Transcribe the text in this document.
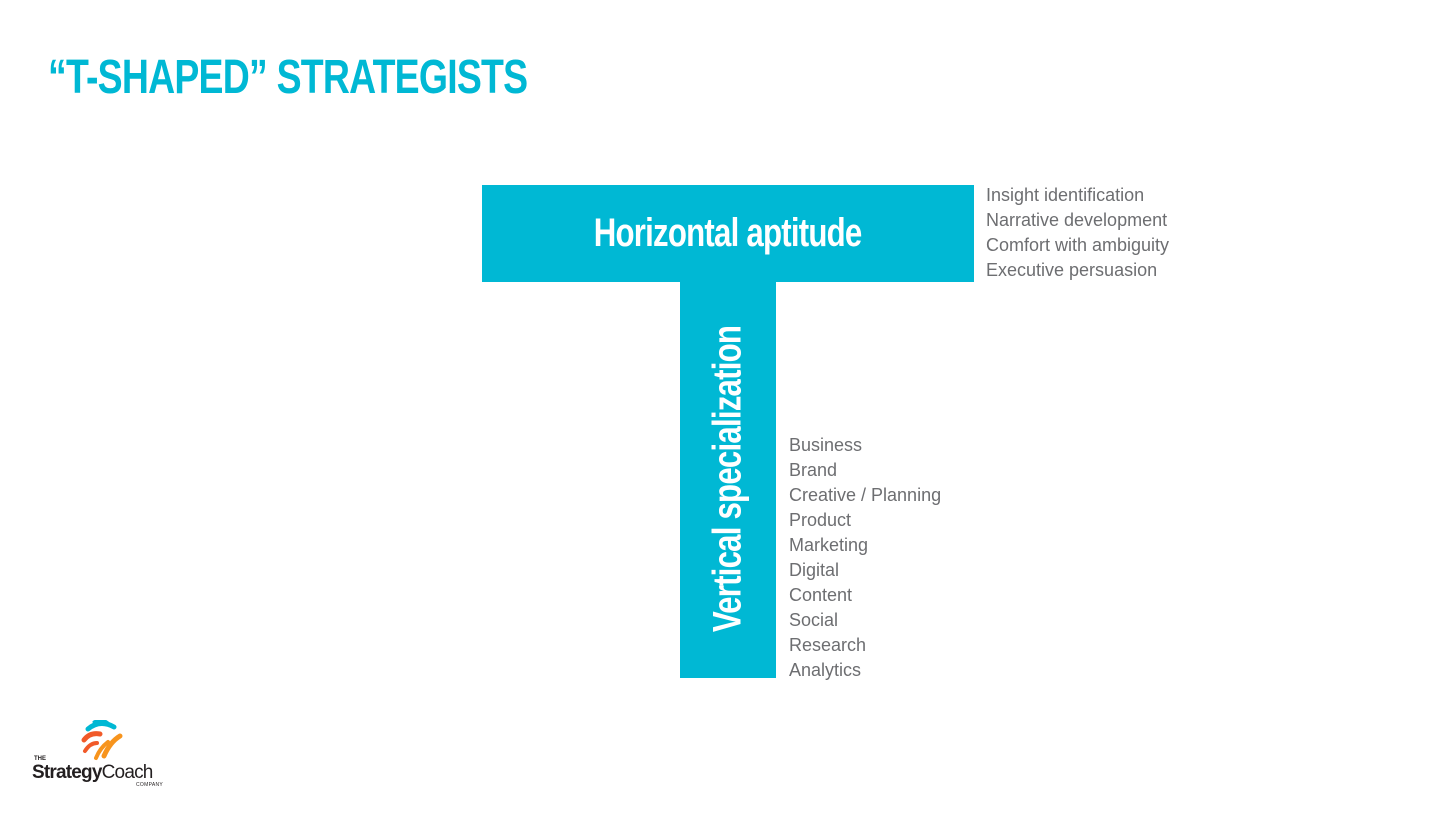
“T-SHAPED” STRATEGISTS
Horizontal aptitude
Vertical specialization
Insight identification
Narrative development
Comfort with ambiguity
Executive persuasion
Business
Brand
Creative / Planning
Product
Marketing
Digital
Content
Social
Research
Analytics
THE
StrategyCoach
COMPANY
